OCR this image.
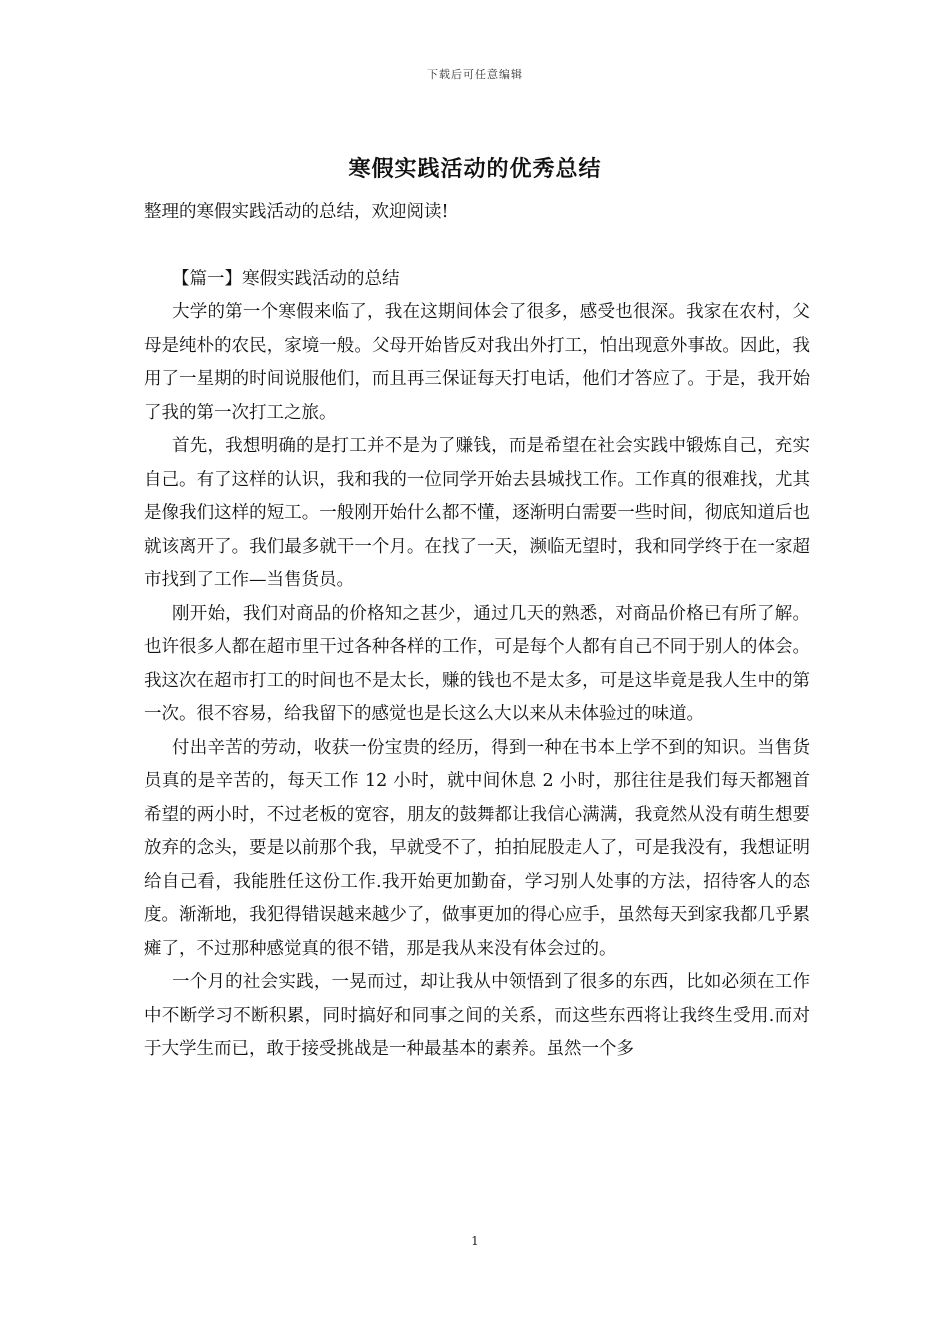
下载后可任意编辑
寒假实践活动的优秀总结

整理的寒假实践活动的总结，欢迎阅读!

【篇一】寒假实践活动的总结

大学的第一个寒假来临了，我在这期间体会了很多，感受也很深。我家在农村，父母是纯朴的农民，家境一般。父母开始皆反对我出外打工，怕出现意外事故。因此，我用了一星期的时间说服他们，而且再三保证每天打电话，他们才答应了。于是，我开始了我的第一次打工之旅。

首先，我想明确的是打工并不是为了赚钱，而是希望在社会实践中锻炼自己，充实自己。有了这样的认识，我和我的一位同学开始去县城找工作。工作真的很难找，尤其是像我们这样的短工。一般刚开始什么都不懂，逐渐明白需要一些时间，彻底知道后也就该离开了。我们最多就干一个月。在找了一天，濒临无望时，我和同学终于在一家超市找到了工作—当售货员。

刚开始，我们对商品的价格知之甚少，通过几天的熟悉，对商品价格已有所了解。也许很多人都在超市里干过各种各样的工作，可是每个人都有自己不同于别人的体会。我这次在超市打工的时间也不是太长，赚的钱也不是太多，可是这毕竟是我人生中的第一次。很不容易，给我留下的感觉也是长这么大以来从未体验过的味道。

付出辛苦的劳动，收获一份宝贵的经历，得到一种在书本上学不到的知识。当售货员真的是辛苦的，每天工作 12 小时，就中间休息 2 小时，那往往是我们每天都翘首希望的两小时，不过老板的宽容，朋友的鼓舞都让我信心满满，我竟然从没有萌生想要放弃的念头，要是以前那个我，早就受不了，拍拍屁股走人了，可是我没有，我想证明给自己看，我能胜任这份工作.我开始更加勤奋，学习别人处事的方法，招待客人的态度。渐渐地，我犯得错误越来越少了，做事更加的得心应手，虽然每天到家我都几乎累瘫了，不过那种感觉真的很不错，那是我从来没有体会过的。

一个月的社会实践，一晃而过，却让我从中领悟到了很多的东西，比如必须在工作中不断学习不断积累，同时搞好和同事之间的关系，而这些东西将让我终生受用.而对于大学生而已，敢于接受挑战是一种最基本的素养。虽然一个多

1
